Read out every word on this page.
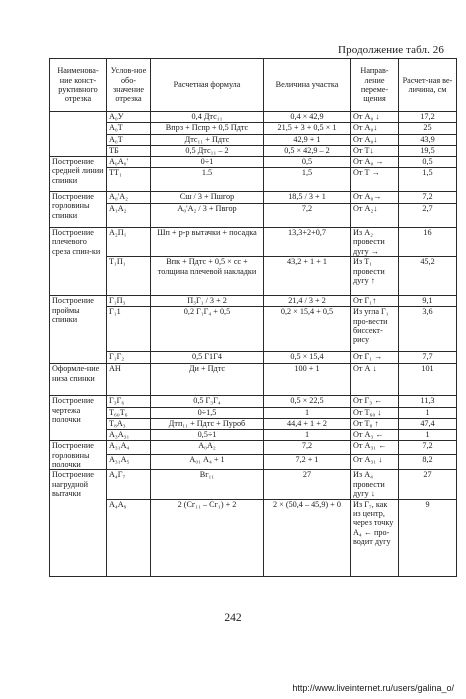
Продолжение табл. 26
Наименова-ние конст-руктивного отрезка	Услов-ное обо-значение отрезка	Расчетная формула	Величина участка	Направ-ление переме-щения	Расчет-ная ве-личина, см
	А₀У	0,4 Дтс₁₁	0,4 × 42,9	От А₀ ↓	17,2
	А₀Т	Впрз + Пспр + 0,5 Пдтс	21,5 + 3 + 0,5 × 1	От А₀↓	25
	А₀Т	Дтс₁₁ + Пдтс	42,9 + 1	От А₀↓	43,9
	ТБ	0,5 Дтс₁₁ – 2	0,5 × 42,9 – 2	От Т↓	19,5
Построение средней линии спинки	А₀А₀'	0÷1	0,5	От А₀ →	0,5
	ТТ₁	1.5	1,5	От Т →	1,5
Построение горловины спинки	А₀'А₂	Сш / 3 + Пшгор	18,5 / 3 + 1	От А₀→	7,2
	А₁А₂	А₀'А₂ / 3 + Пвгор	7,2	От А₂↓	2,7
Построение плечевого среза спин-ки	А₂П₁	Шп + р-р вытачки + посадка	13,3+2+0,7	Из А₂ провести дугу →	16
	Т₁П₁	Впк + Пдтс + 0,5 × сс + толщина плечевой накладки	43,2 + 1 + 1	Из Т₁ провести дугу ↑	45,2
Построение проймы спинки	Г₁П₃	П₃Г₁ / 3 + 2	21,4 / 3 + 2	От Г₁↑	9,1
	Г₁1	0,2 Г₁Г₄ + 0,5	0,2 × 15,4 + 0,5	Из угла Г₁ про-вести биссект-рису	3,6
	Г₁Г₂	0,5 Г1Г4	0,5 × 15,4	От Г₁ →	7,7
Оформле-ние низа спинки	АН	Ди + Пдтс	100 + 1	От А ↓	101
Построение чертежа полочки	Г₃Г₆	0,5 Г₃Г₄	0,5 × 22,5	От Г₃ ←	11,3
	Т₆₀Т₆	0÷1,5	1	От Т₆₀ ↓	1
	Т₈А₃	Дтп₁₁ + Пдтс + Пуроб	44,4 + 1 + 2	От Т₈ ↑	47,4
	А₃А₃₁	0,5÷1	1	От А₃ ←	1
Построение горловины полочки	А₃₁А₄	А₀А₂	7,2	От А₃₁ ←	7,2
	А₃₁А₅	А₀₁ А₄ + 1	7,2 + 1	От А₃₁ ↓	8,2
Построение нагрудной вытачки	А₄Г₇	Вг₁₁	27	Из А₄ провести дугу ↓	27
	А₄А₉	2 (Сг₁₁ – Сг₁) + 2	2 × (50,4 – 45,9) + 0	Из Г₇, как из центр, через точку А₄ ← про-водит дугу	9
242
http://www.liveinternet.ru/users/galina_o/
